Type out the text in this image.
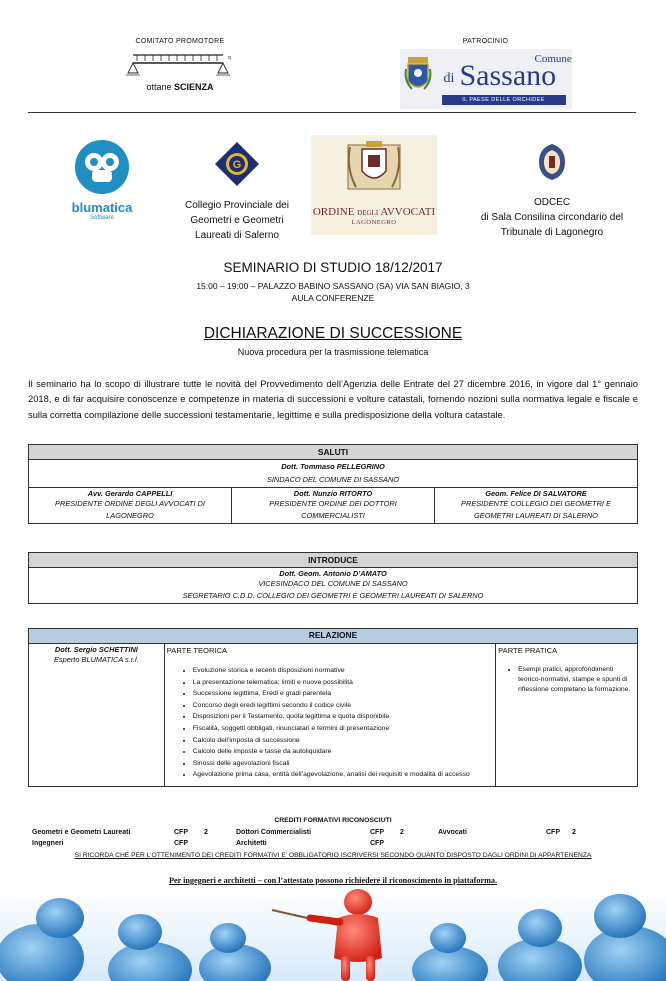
COMITATO PROMOTORE
q
ottane SCIENZA
PATROCINIO
Comune
di Sassano
IL PAESE DELLE ORCHIDEE
blumatica
Software
G
Collegio Provinciale dei
Geometri e Geometri
Laureati di Salerno
ORDINE DEGLI AVVOCATI
LAGONEGRO
ODCEC
di Sala Consilina circondario del
Tribunale di Lagonegro
SEMINARIO DI STUDIO 18/12/2017
15:00 – 19:00 – PALAZZO BABINO SASSANO (SA) VIA SAN BIAGIO, 3
AULA CONFERENZE
DICHIARAZIONE DI SUCCESSIONE
Nuova procedura per la trasmissione telematica
Il seminario ha lo scopo di illustrare tutte le novità del Provvedimento dell’Agenzia delle Entrate del 27 dicembre 2016, in vigore dal 1° gennaio 2018, e di far acquisire conoscenze e competenze in materia di successioni e volture catastali, fornendo nozioni sulla normativa legale e fiscale e sulla corretta compilazione delle successioni testamentarie, legittime e sulla predisposizione della voltura catastale.
SALUTI

Dott. Tommaso PELLEGRINO
SINDACO DEL COMUNE DI SASSANO

Avv. Gerardo CAPPELLI
PRESIDENTE ORDINE DEGLI AVVOCATI DI
LAGONEGRO

Dott. Nunzio RITORTO
PRESIDENTE ORDINE DEI DOTTORI
COMMERCIALISTI

Geom. Felice DI SALVATORE
PRESIDENTE COLLEGIO DEI GEOMETRI E
GEOMETRI LAUREATI DI SALERNO
INTRODUCE

Dott. Geom. Antonio D’AMATO
VICESINDACO DEL COMUNE DI SASSANO
SEGRETARIO C.D.D. COLLEGIO DEI GEOMETRI E GEOMETRI LAUREATI DI SALERNO
RELAZIONE

Dott. Sergio SCHETTINI
Esperto BLUMATICA s.r.l.

PARTE TEORICA
• Evoluzione storica e recenti disposizioni normative
• La presentazione telematica: limiti e nuove possibilità
• Successione legittima, Eredi e gradi parentela
• Concorso degli eredi legittimi secondo il codice civile
• Disposizioni per il Testamento, quota legittima e quota disponibile
• Fiscalità, soggetti obbligati, rinunciatari e termini di presentazione
• Calcolo dell’imposta di successione
• Calcolo delle imposte e tasse da autoliquidare
• Sinossi delle agevolazioni fiscali
• Agevolazione prima casa, entità dell’agevolazione, analisi dei requisiti e modalità di accesso

PARTE PRATICA
• Esempi pratici, approfondimenti teorico-normativi, stampe e spunti di riflessione completano la formazione.
CREDITI FORMATIVI RICONOSCIUTI
Geometri e Geometri Laureati	CFP 2	Dottori Commercialisti	CFP 2	Avvocati	CFP 2
Ingegneri	CFP	Architetti	CFP
SI RICORDA CHE PER L’OTTENIMENTO DEI CREDITI FORMATIVI E’ OBBLIGATORIO ISCRIVERSI SECONDO QUANTO DISPOSTO DAGLI ORDINI DI APPARTENENZA
Per ingegneri e architetti – con l’attestato possono richiedere il riconoscimento in piattaforma.
